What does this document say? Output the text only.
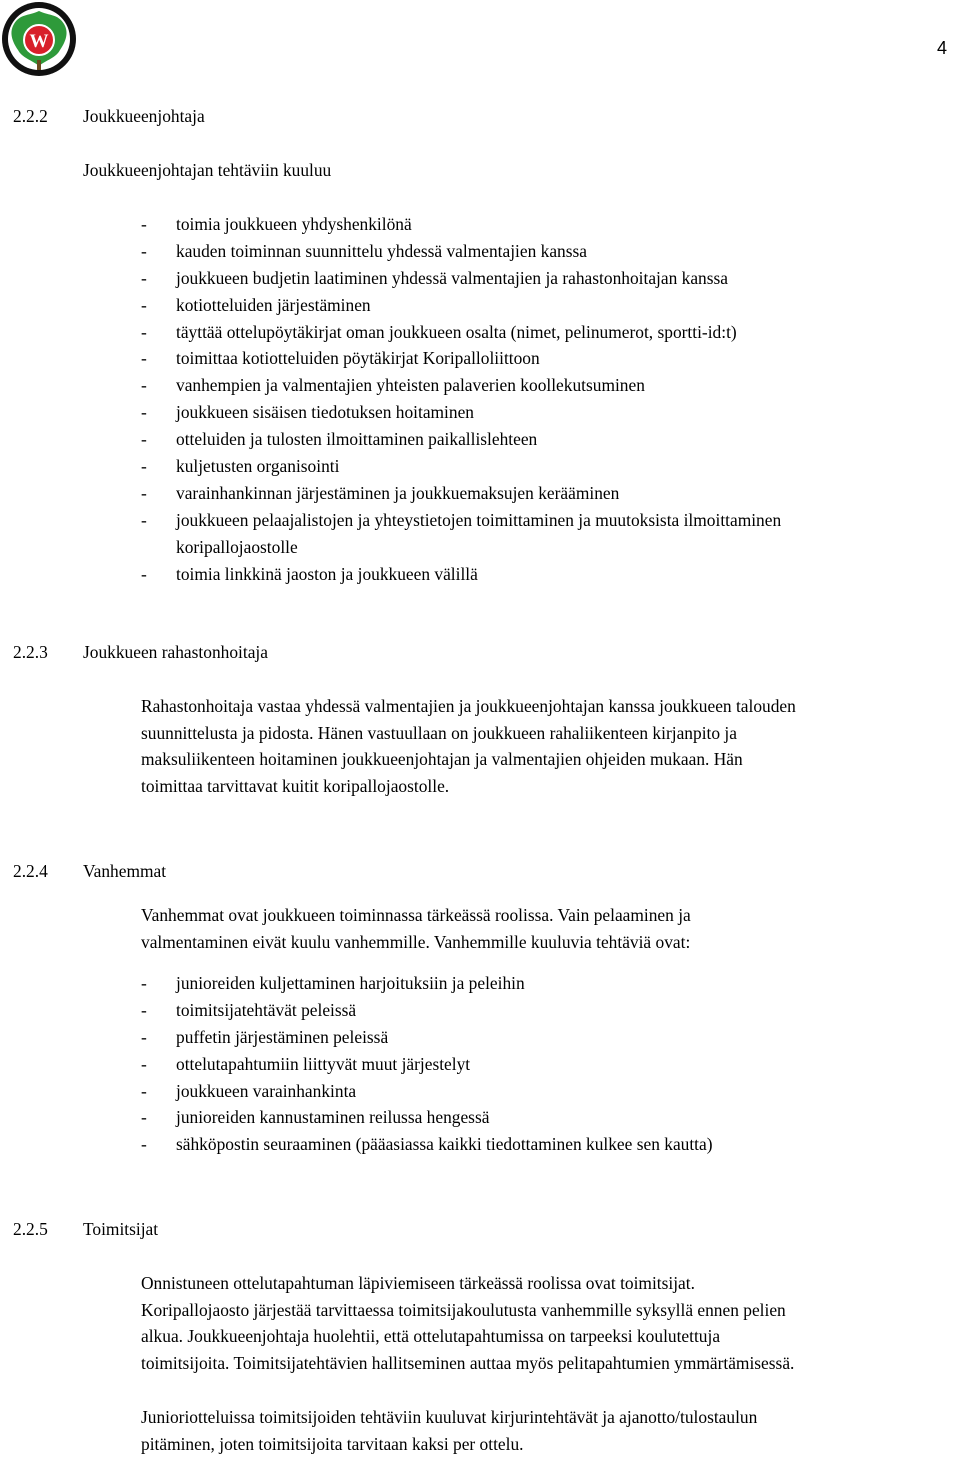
W	4
2.2.2 Joukkueenjohtaja
Joukkueenjohtajan tehtäviin kuuluu
- toimia joukkueen yhdyshenkilönä
- kauden toiminnan suunnittelu yhdessä valmentajien kanssa
- joukkueen budjetin laatiminen yhdessä valmentajien ja rahastonhoitajan kanssa
- kotiotteluiden järjestäminen
- täyttää ottelupöytäkirjat oman joukkueen osalta (nimet, pelinumerot, sportti-id:t)
- toimittaa kotiotteluiden pöytäkirjat Koripalloliittoon
- vanhempien ja valmentajien yhteisten palaverien koollekutsuminen
- joukkueen sisäisen tiedotuksen hoitaminen
- otteluiden ja tulosten ilmoittaminen paikallislehteen
- kuljetusten organisointi
- varainhankinnan järjestäminen ja joukkuemaksujen kerääminen
- joukkueen pelaajalistojen ja yhteystietojen toimittaminen ja muutoksista ilmoittaminen
koripallojaostolle
- toimia linkkinä jaoston ja joukkueen välillä
2.2.3 Joukkueen rahastonhoitaja
Rahastonhoitaja vastaa yhdessä valmentajien ja joukkueenjohtajan kanssa joukkueen talouden
suunnittelusta ja pidosta. Hänen vastuullaan on joukkueen rahaliikenteen kirjanpito ja
maksuliikenteen hoitaminen joukkueenjohtajan ja valmentajien ohjeiden mukaan. Hän
toimittaa tarvittavat kuitit koripallojaostolle.
2.2.4 Vanhemmat
Vanhemmat ovat joukkueen toiminnassa tärkeässä roolissa. Vain pelaaminen ja
valmentaminen eivät kuulu vanhemmille. Vanhemmille kuuluvia tehtäviä ovat:
- junioreiden kuljettaminen harjoituksiin ja peleihin
- toimitsijatehtävät peleissä
- puffetin järjestäminen peleissä
- ottelutapahtumiin liittyvät muut järjestelyt
- joukkueen varainhankinta
- junioreiden kannustaminen reilussa hengessä
- sähköpostin seuraaminen (pääasiassa kaikki tiedottaminen kulkee sen kautta)
2.2.5 Toimitsijat
Onnistuneen ottelutapahtuman läpiviemiseen tärkeässä roolissa ovat toimitsijat.
Koripallojaosto järjestää tarvittaessa toimitsijakoulutusta vanhemmille syksyllä ennen pelien
alkua. Joukkueenjohtaja huolehtii, että ottelutapahtumissa on tarpeeksi koulutettuja
toimitsijoita. Toimitsijatehtävien hallitseminen auttaa myös pelitapahtumien ymmärtämisessä.
Junioriotteluissa toimitsijoiden tehtäviin kuuluvat kirjurintehtävät ja ajanotto/tulostaulun
pitäminen, joten toimitsijoita tarvitaan kaksi per ottelu.
